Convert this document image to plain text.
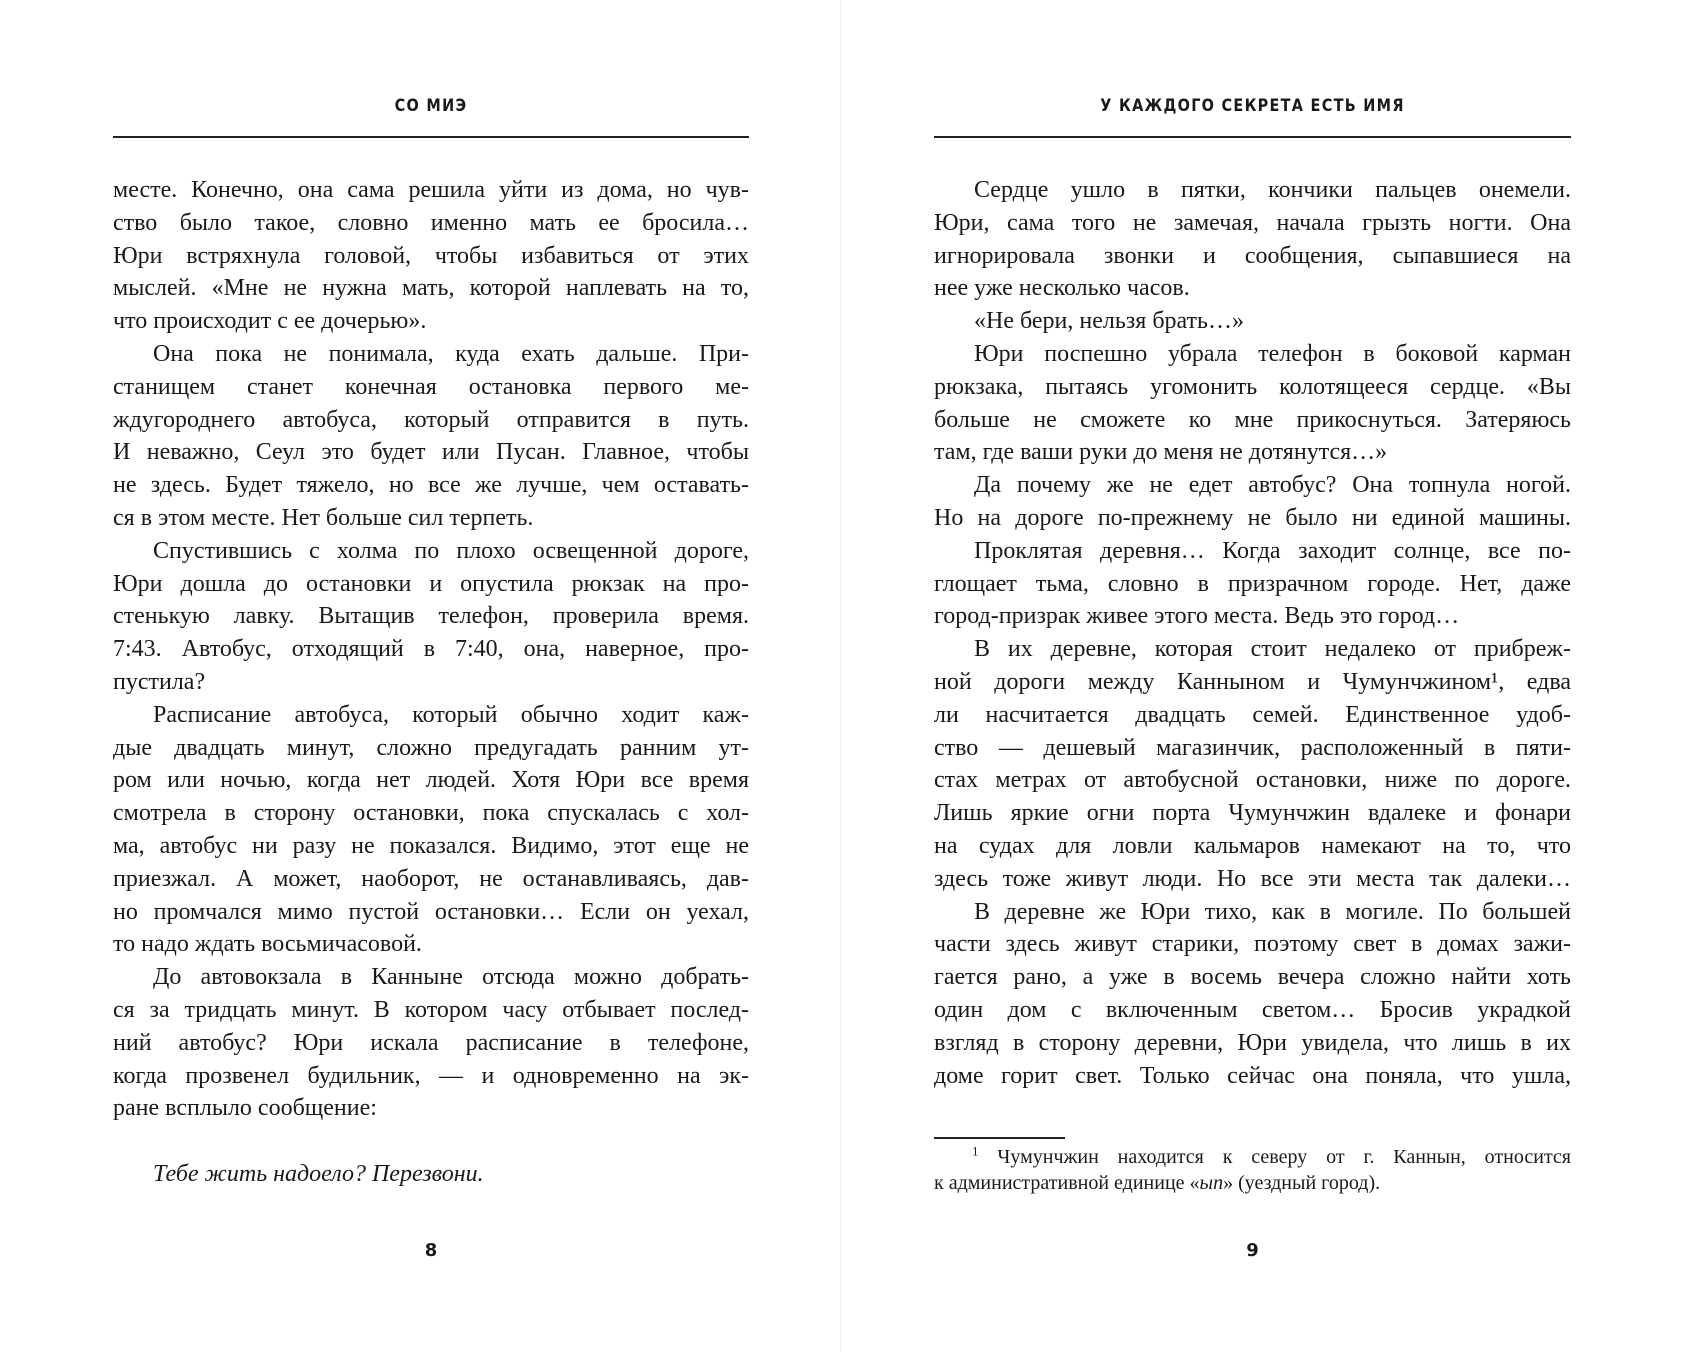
СО МИЭ
месте. Конечно, она сама решила уйти из дома, но чув-
ство было такое, словно именно мать ее бросила…
Юри встряхнула головой, чтобы избавиться от этих
мыслей. «Мне не нужна мать, которой наплевать на то,
что происходит с ее дочерью».
Она пока не понимала, куда ехать дальше. При-
станищем станет конечная остановка первого ме-
ждугороднего автобуса, который отправится в путь.
И неважно, Сеул это будет или Пусан. Главное, чтобы
не здесь. Будет тяжело, но все же лучше, чем оставать-
ся в этом месте. Нет больше сил терпеть.
Спустившись с холма по плохо освещенной дороге,
Юри дошла до остановки и опустила рюкзак на про-
стенькую лавку. Вытащив телефон, проверила время.
7:43. Автобус, отходящий в 7:40, она, наверное, про-
пустила?
Расписание автобуса, который обычно ходит каж-
дые двадцать минут, сложно предугадать ранним ут-
ром или ночью, когда нет людей. Хотя Юри все время
смотрела в сторону остановки, пока спускалась с хол-
ма, автобус ни разу не показался. Видимо, этот еще не
приезжал. А может, наоборот, не останавливаясь, дав-
но промчался мимо пустой остановки… Если он уехал,
то надо ждать восьмичасовой.
До автовокзала в Канныне отсюда можно добрать-
ся за тридцать минут. В котором часу отбывает послед-
ний автобус? Юри искала расписание в телефоне,
когда прозвенел будильник, — и одновременно на эк-
ране всплыло сообщение:
Тебе жить надоело? Перезвони.
8
У КАЖДОГО СЕКРЕТА ЕСТЬ ИМЯ
Сердце ушло в пятки, кончики пальцев онемели.
Юри, сама того не замечая, начала грызть ногти. Она
игнорировала звонки и сообщения, сыпавшиеся на
нее уже несколько часов.
«Не бери, нельзя брать…»
Юри поспешно убрала телефон в боковой карман
рюкзака, пытаясь угомонить колотящееся сердце. «Вы
больше не сможете ко мне прикоснуться. Затеряюсь
там, где ваши руки до меня не дотянутся…»
Да почему же не едет автобус? Она топнула ногой.
Но на дороге по-прежнему не было ни единой машины.
Проклятая деревня… Когда заходит солнце, все по-
глощает тьма, словно в призрачном городе. Нет, даже
город-призрак живее этого места. Ведь это город…
В их деревне, которая стоит недалеко от прибреж-
ной дороги между Канныном и Чумунчжином¹, едва
ли насчитается двадцать семей. Единственное удоб-
ство — дешевый магазинчик, расположенный в пяти-
стах метрах от автобусной остановки, ниже по дороге.
Лишь яркие огни порта Чумунчжин вдалеке и фонари
на судах для ловли кальмаров намекают на то, что
здесь тоже живут люди. Но все эти места так далеки…
В деревне же Юри тихо, как в могиле. По большей
части здесь живут старики, поэтому свет в домах зажи-
гается рано, а уже в восемь вечера сложно найти хоть
один дом с включенным светом… Бросив украдкой
взгляд в сторону деревни, Юри увидела, что лишь в их
доме горит свет. Только сейчас она поняла, что ушла,
$^1$ Чумунчжин находится к северу от г. Каннын, относится
к административной единице «ып» (уездный город).
9
